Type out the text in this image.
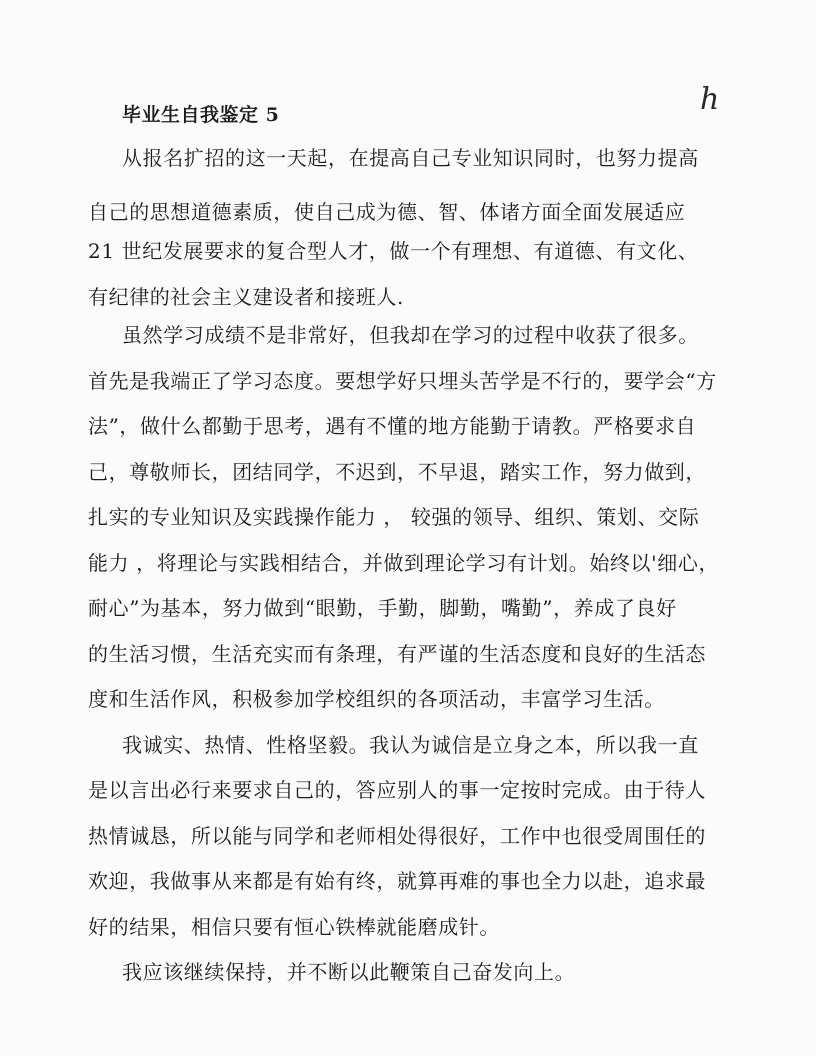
毕业生自我鉴定 5	h

从报名扩招的这一天起，在提高自己专业知识同时，也努力提高

自己的思想道德素质，使自己成为德、智、体诸方面全面发展适应

21 世纪发展要求的复合型人才，做一个有理想、有道德、有文化、

有纪律的社会主义建设者和接班人.

虽然学习成绩不是非常好，但我却在学习的过程中收获了很多。

首先是我端正了学习态度。要想学好只埋头苦学是不行的，要学会“方

法”，做什么都勤于思考，遇有不懂的地方能勤于请教。严格要求自

己，尊敬师长，团结同学，不迟到，不早退，踏实工作，努力做到，

扎实的专业知识及实践操作能力 ， 较强的领导、组织、策划、交际

能力 ，将理论与实践相结合，并做到理论学习有计划。始终以'细心，

耐心”为基本，努力做到“眼勤，手勤，脚勤，嘴勤”，养成了良好

的生活习惯，生活充实而有条理，有严谨的生活态度和良好的生活态

度和生活作风，积极参加学校组织的各项活动，丰富学习生活。

我诚实、热情、性格坚毅。我认为诚信是立身之本，所以我一直

是以言出必行来要求自己的，答应别人的事一定按时完成。由于待人

热情诚恳，所以能与同学和老师相处得很好，工作中也很受周围任的

欢迎，我做事从来都是有始有终，就算再难的事也全力以赴，追求最

好的结果，相信只要有恒心铁棒就能磨成针。

我应该继续保持，并不断以此鞭策自己奋发向上。
